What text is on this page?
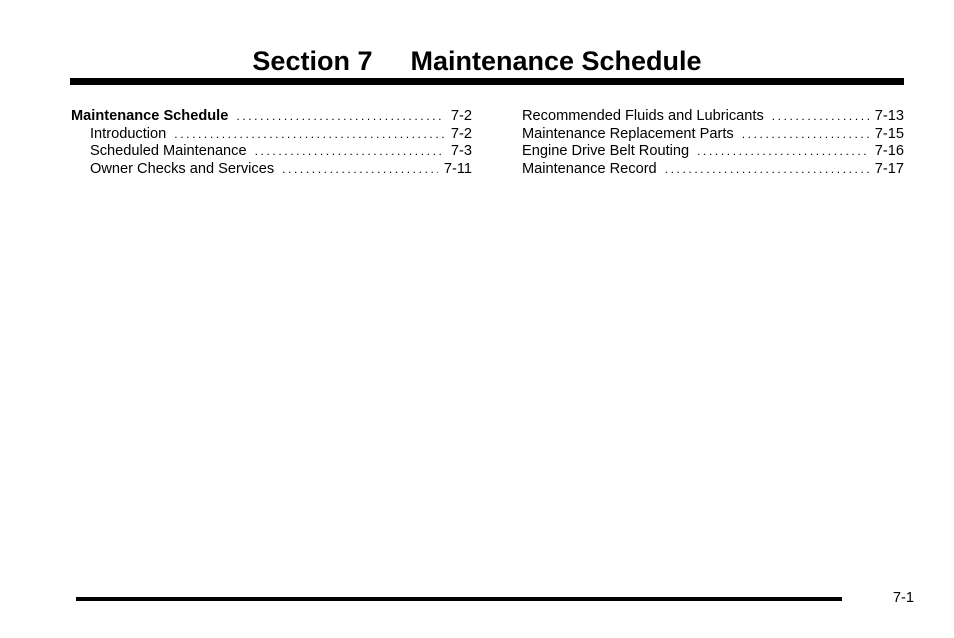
Section 7 Maintenance Schedule
Maintenance Schedule .....	7-2
Introduction .....	7-2
Scheduled Maintenance .....	7-3
Owner Checks and Services .....	7-11
Recommended Fluids and Lubricants .....	7-13
Maintenance Replacement Parts .....	7-15
Engine Drive Belt Routing .....	7-16
Maintenance Record .....	7-17
7-1
